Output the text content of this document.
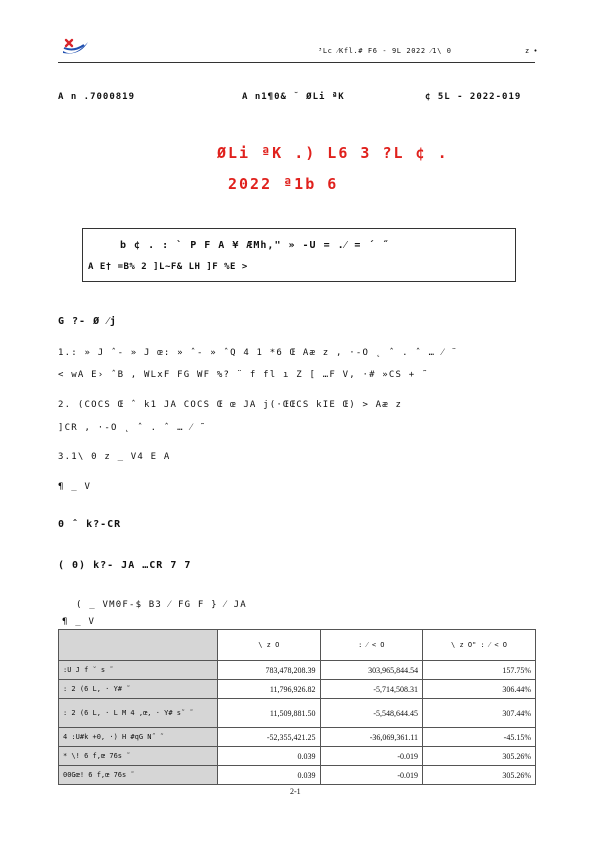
³Lc ⁄Kfl.# F6 - 9L 2022 ⁄1\ 0	z •
A n .7000819	A n1¶0& ˘ ØLi ªK	¢ 5L - 2022-019
ØLi ªK .) L6 3 ?L ¢ .
2022 ª1b 6
b ¢ . : ` P F A ¥ ÆMh," » -U = .⁄ = ´ ˝
A E† =B% 2 ]L~F& LH ]F %E >
G ?- Ø ⁄j
1.: » J ˆ- » J œ: » ˆ- » ˆQ 4 1 *6 Œ Aæ z ‚ ·-O ˛ ˆ . ˆ … ⁄ ¨
< wA E› ˆB , WLxF FG WF %? ¨ f fl ı Z [ …F V, ·# »CS + ˜
2. (COCS Œ ˆ k1 JA COCS Œ œ JA j(·ŒŒCS kIE Œ) > Aæ z
]CR , ·-O ˛ ˆ . ˆ … ⁄ ˜
3.1\ 0 z _ V4 E A
¶ _ V
0 ˆ k?-CR
( 0) k?- JA …CR 7 7
( _ VM0F-$ B3 ⁄ FG F } ⁄ JA
¶ _ V
	\ z O	: ⁄ < O	\ z O" : ⁄ < O
:U J f ˘ s ˜	783,478,208.39	303,965,844.54	157.75%
: 2 (6 L, · Y# ˜	11,796,926.82	-5,714,508.31	306.44%
: 2 (6 L, · L M 4 ,œ, · Y# s˜ ˜	11,509,881.50	-5,548,644.45	307.44%
4 :U#k +0, ·) H #qG N˝ ˜	-52,355,421.25	-36,069,361.11	-45.15%
* \! 6 f,œ 76s ˜	0.039	-0.019	305.26%
00Gœ! 6 f,œ 76s ˜	0.039	-0.019	305.26%
2-1
